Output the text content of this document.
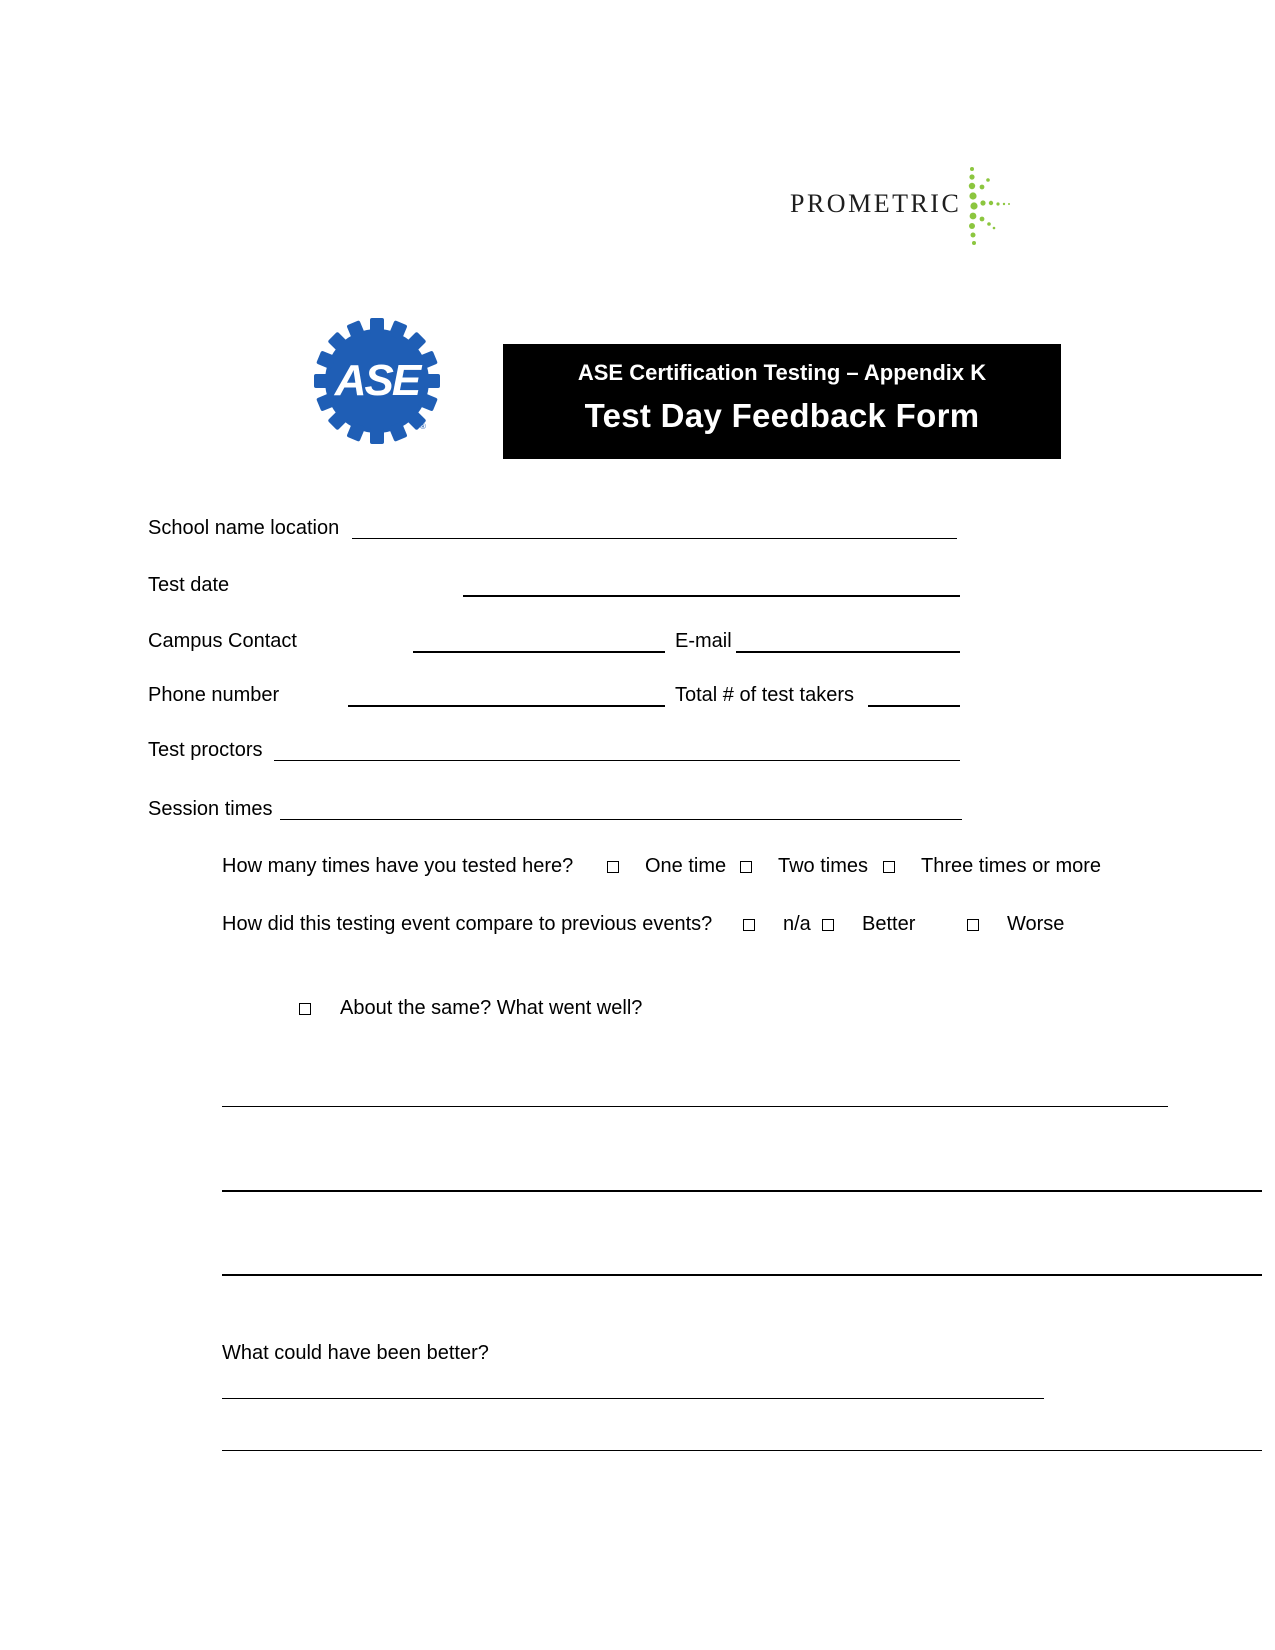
PROMETRIC
ASE
®
ASE Certification Testing – Appendix K
Test Day Feedback Form
School name location
Test date
Campus Contact	E-mail
Phone number	Total # of test takers
Test proctors
Session times
How many times have you tested here?	One time	Two times	Three times or more
How did this testing event compare to previous events?	n/a	Better	Worse
About the same? What went well?
What could have been better?
